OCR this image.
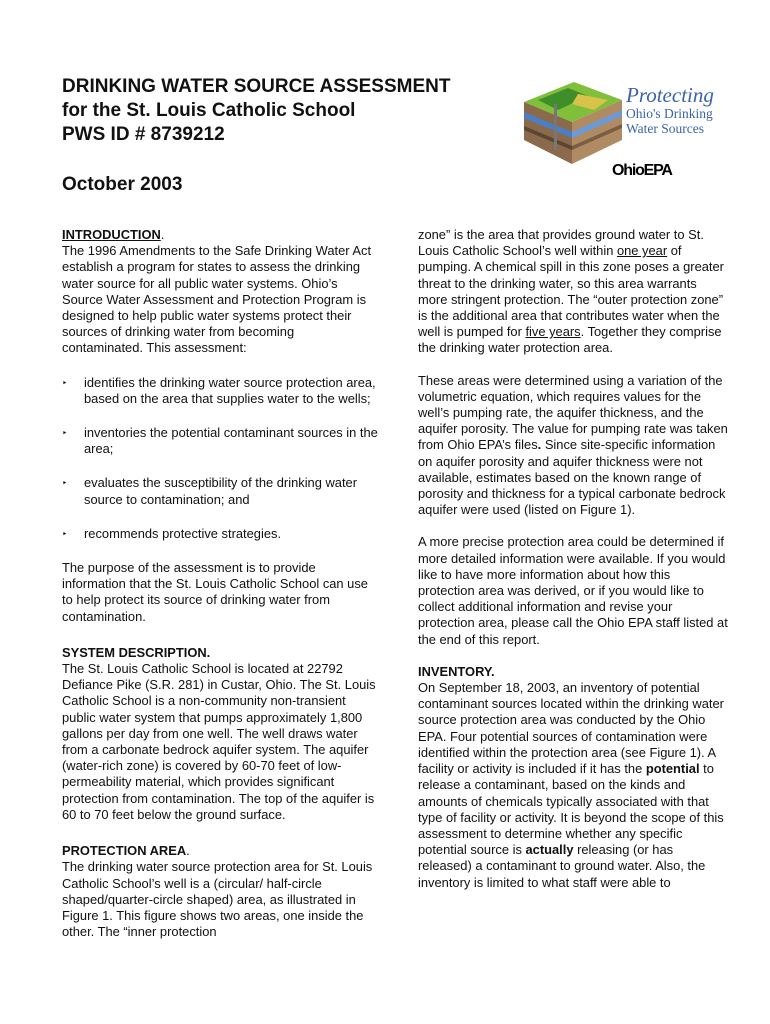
DRINKING WATER SOURCE ASSESSMENT
for the St. Louis Catholic School
PWS ID # 8739212
October 2003
Protecting
Ohio's Drinking
Water Sources
OhioEPA
INTRODUCTION.

The 1996 Amendments to the Safe Drinking Water Act establish a program for states to assess the drinking water source for all public water systems. Ohio’s Source Water Assessment and Protection Program is designed to help public water systems protect their sources of drinking water from becoming contaminated. This assessment:

‣ identifies the drinking water source protection area, based on the area that supplies water to the wells;
‣ inventories the potential contaminant sources in the area;
‣ evaluates the susceptibility of the drinking water source to contamination; and
‣ recommends protective strategies.

The purpose of the assessment is to provide information that the St. Louis Catholic School can use to help protect its source of drinking water from contamination.

SYSTEM DESCRIPTION.

The St. Louis Catholic School is located at 22792 Defiance Pike (S.R. 281) in Custar, Ohio. The St. Louis Catholic School is a non-community non-transient public water system that pumps approximately 1,800 gallons per day from one well. The well draws water from a carbonate bedrock aquifer system. The aquifer (water-rich zone) is covered by 60-70 feet of low-permeability material, which provides significant protection from contamination. The top of the aquifer is 60 to 70 feet below the ground surface.

PROTECTION AREA.

The drinking water source protection area for St. Louis Catholic School’s well is a (circular/ half-circle shaped/quarter-circle shaped) area, as illustrated in Figure 1. This figure shows two areas, one inside the other. The “inner protection

zone” is the area that provides ground water to St. Louis Catholic School’s well within one year of pumping. A chemical spill in this zone poses a greater threat to the drinking water, so this area warrants more stringent protection. The “outer protection zone” is the additional area that contributes water when the well is pumped for five years. Together they comprise the drinking water protection area.

These areas were determined using a variation of the volumetric equation, which requires values for the well’s pumping rate, the aquifer thickness, and the aquifer porosity. The value for pumping rate was taken from Ohio EPA’s files. Since site-specific information on aquifer porosity and aquifer thickness were not available, estimates based on the known range of porosity and thickness for a typical carbonate bedrock aquifer were used (listed on Figure 1).

A more precise protection area could be determined if more detailed information were available. If you would like to have more information about how this protection area was derived, or if you would like to collect additional information and revise your protection area, please call the Ohio EPA staff listed at the end of this report.

INVENTORY.

On September 18, 2003, an inventory of potential contaminant sources located within the drinking water source protection area was conducted by the Ohio EPA. Four potential sources of contamination were identified within the protection area (see Figure 1). A facility or activity is included if it has the potential to release a contaminant, based on the kinds and amounts of chemicals typically associated with that type of facility or activity. It is beyond the scope of this assessment to determine whether any specific potential source is actually releasing (or has released) a contaminant to ground water. Also, the inventory is limited to what staff were able to
